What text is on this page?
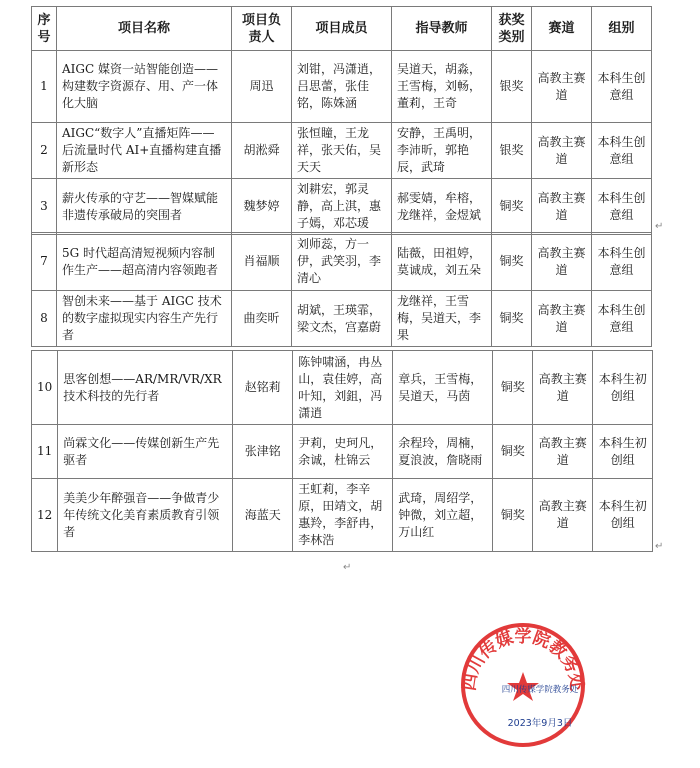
序号	项目名称	项目负责人	项目成员	指导教师	获奖类别	赛道	组别
1	AIGC 媒资一站智能创造——构建数字资源存、用、产一体化大脑	周迅	刘钳，冯潇逍，吕思蕾，张佳铭，陈姝涵	吴道天，胡淼，王雪梅，刘畅，董莉，王奇	银奖	高教主赛道	本科生创意组
2	AIGC“数字人”直播矩阵——后流量时代 AI+直播构建直播新形态	胡淞舜	张恒瞳，王龙祥，张天佑，吴天天	安静，王禹明，李沛昕，郭艳辰，武琦	银奖	高教主赛道	本科生创意组
3	薪火传承的守艺——智媒赋能非遗传承破局的突围者	魏梦婷	刘耕宏，郭灵静，高上淇，惠子嫣，邓芯瑗	郝雯婧，牟榕，龙继祥，金煜斌	铜奖	高教主赛道	本科生创意组
↵
7	5G 时代超高清短视频内容制作生产——超高清内容领跑者	肖福顺	刘师蕊，方一伊，武笑羽，李清心	陆薇，田祖婷，莫诚成，刘五朵	铜奖	高教主赛道	本科生创意组
8	智创未来——基于 AIGC 技术的数字虚拟现实内容生产先行者	曲奕昕	胡斌，王瑛霏，梁文杰，宫嘉蔚	龙继祥，王雪梅，吴道天，李果	铜奖	高教主赛道	本科生创意组
10	思客创想——AR/MR/VR/XR 技术科技的先行者	赵铭莉	陈钟啸涵，冉丛山，袁佳婷，高叶知，刘鉏，冯潇逍	章兵，王雪梅，吴道天，马茵	铜奖	高教主赛道	本科生初创组
11	尚霖文化——传媒创新生产先驱者	张津铭	尹莉，史珂凡，余诚，杜锦云	余程玲，周楠，夏浪波，詹晓雨	铜奖	高教主赛道	本科生初创组
12	美美少年醉强音——争做青少年传统文化美育素质教育引领者	海蓝天	王虹莉，李辛原，田靖文，胡惠羚，李舒冉，李林浩	武琦，周绍学，钟微，刘立超，万山红	铜奖	高教主赛道	本科生初创组
↵
↵
四川传媒学院教务处
四川传媒学院教务处
2023年9月3日
